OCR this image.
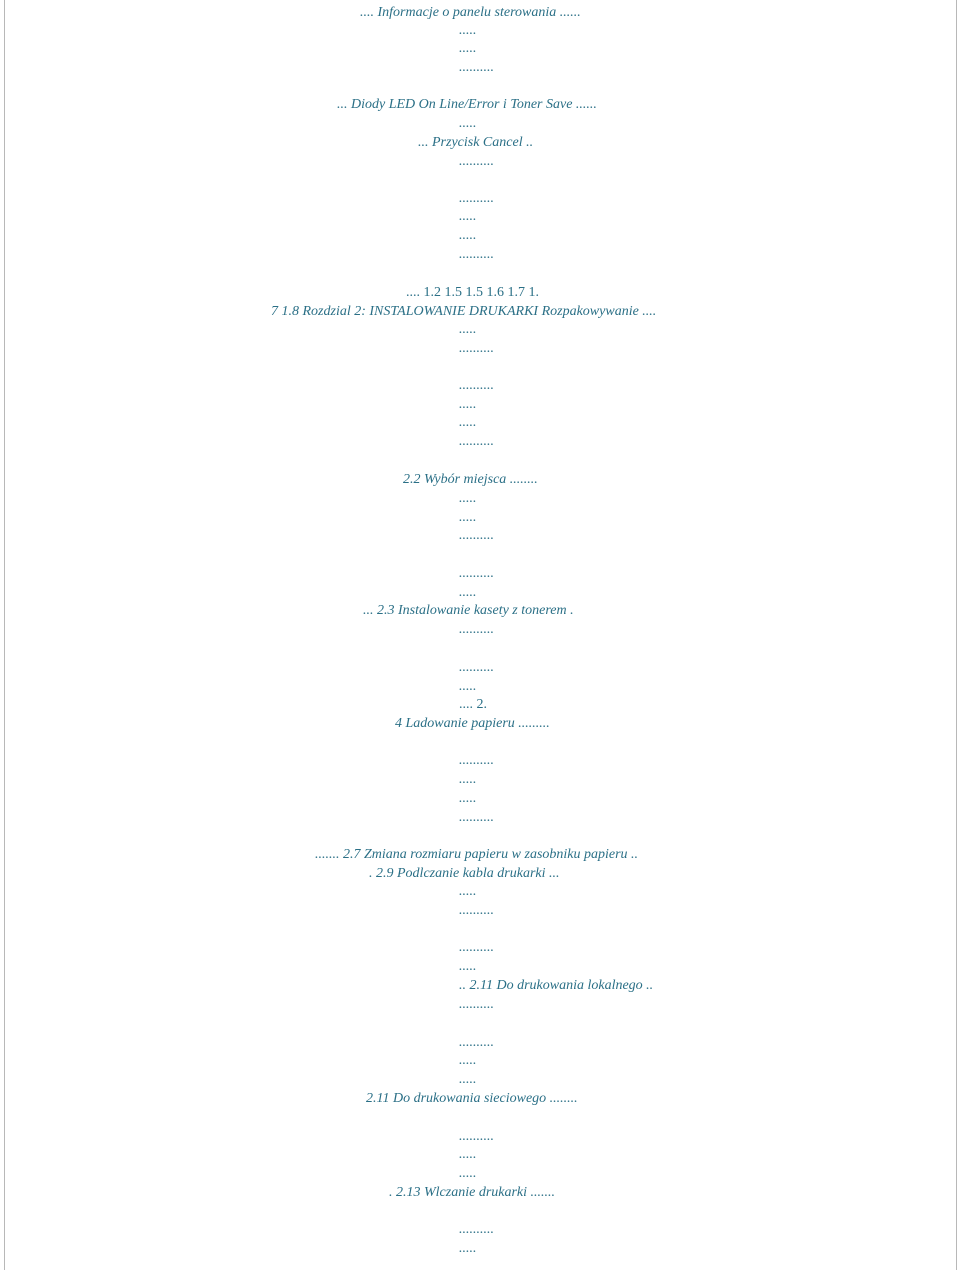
.... Informacje o panelu sterowania ......
.....
.....
..........
... Diody LED On Line/Error i Toner Save ......
.....
... Przycisk Cancel ..
..........
..........
.....
.....
..........
.... 1.2 1.5 1.5 1.6 1.7 1.
7 1.8 Rozdzial 2: INSTALOWANIE DRUKARKI Rozpakowywanie ....
.....
..........
..........
.....
.....
..........
2.2 Wybór miejsca ........
.....
.....
..........
..........
.....
... 2.3 Instalowanie kasety z tonerem .
..........
..........
.....
.... 2.
4 Ladowanie papieru .........
..........
.....
.....
..........
....... 2.7 Zmiana rozmiaru papieru w zasobniku papieru ..
. 2.9 Podlczanie kabla drukarki ...
.....
..........
..........
.....
.. 2.11 Do drukowania lokalnego ..
..........
..........
.....
.....
2.11 Do drukowania sieciowego ........
..........
.....
.....
. 2.13 Wlczanie drukarki .......
..........
.....
